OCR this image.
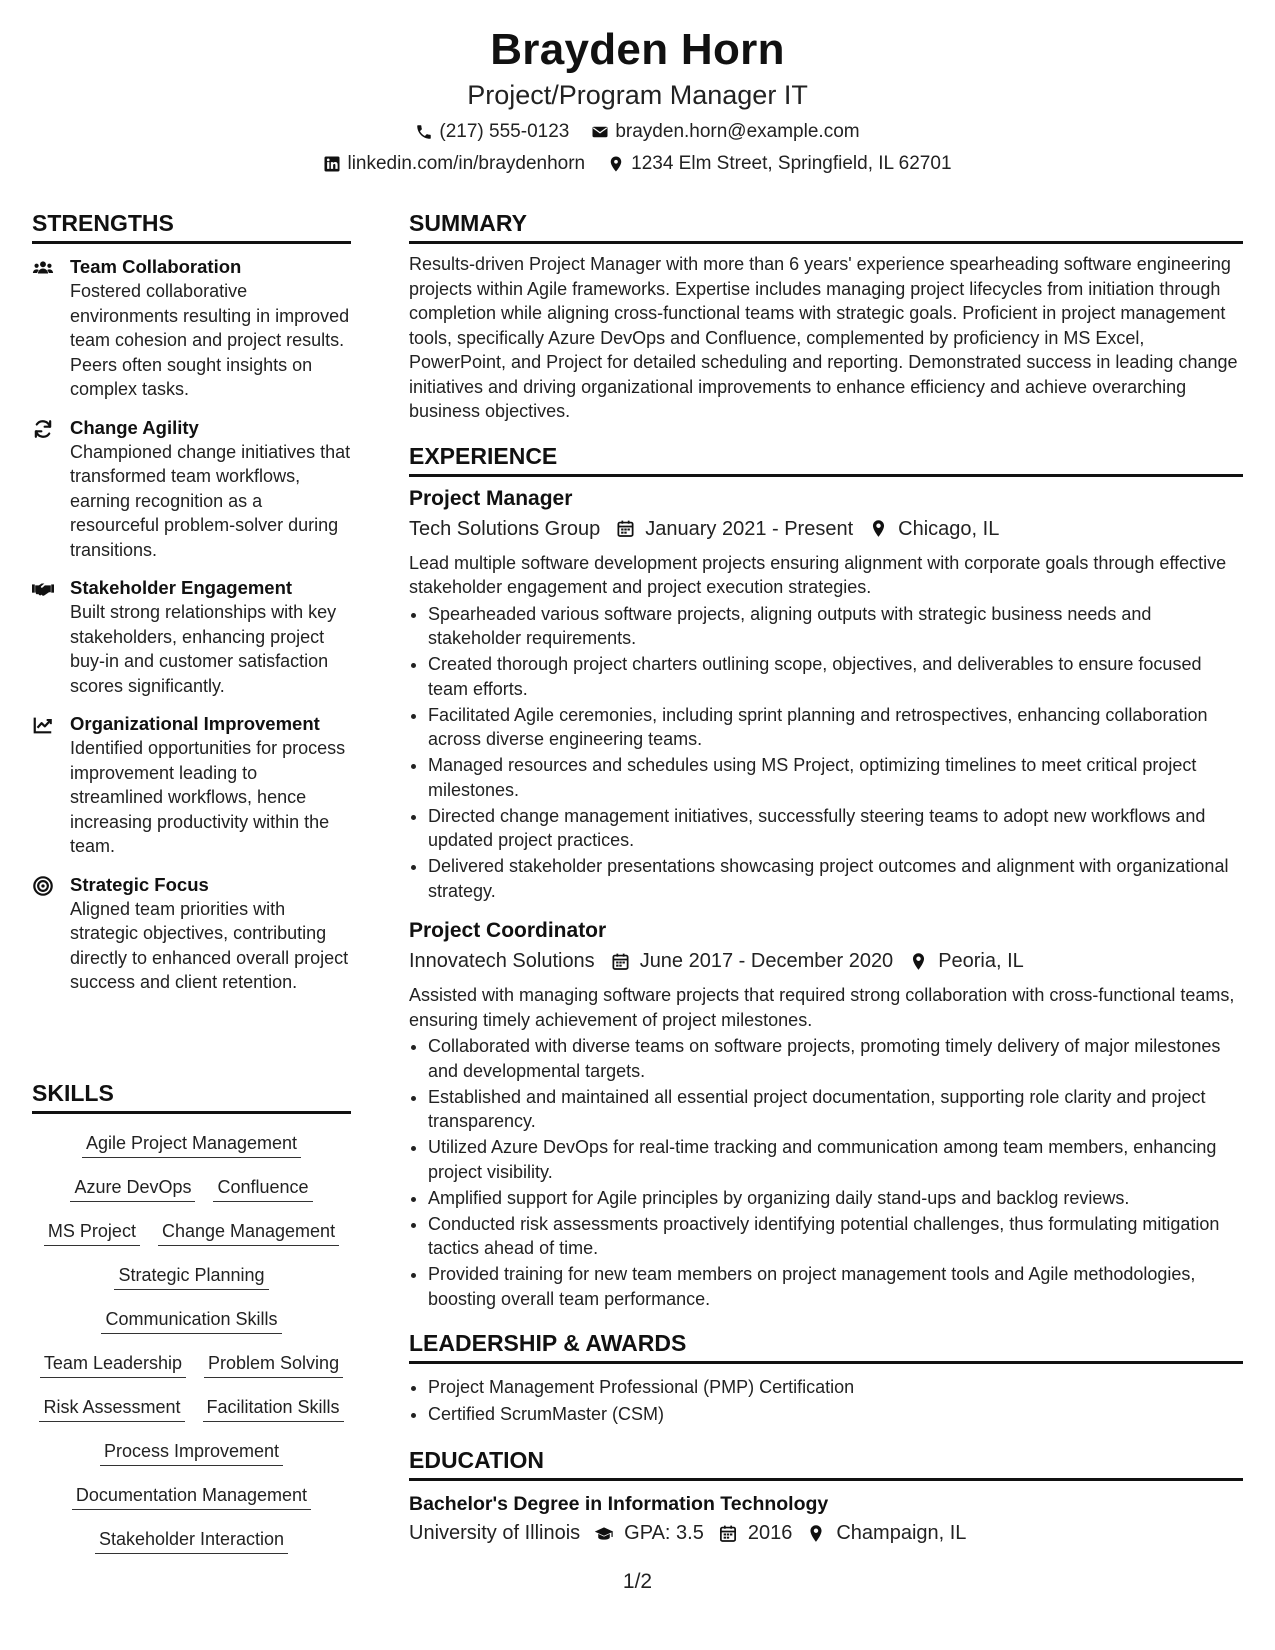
Brayden Horn
Project/Program Manager IT
(217) 555-0123 brayden.horn@example.com
linkedin.com/in/braydenhorn 1234 Elm Street, Springfield, IL 62701
STRENGTHS
Team Collaboration
Fostered collaborative environments resulting in improved team cohesion and project results. Peers often sought insights on complex tasks.
Change Agility
Championed change initiatives that transformed team workflows, earning recognition as a resourceful problem-solver during transitions.
Stakeholder Engagement
Built strong relationships with key stakeholders, enhancing project buy-in and customer satisfaction scores significantly.
Organizational Improvement
Identified opportunities for process improvement leading to streamlined workflows, hence increasing productivity within the team.
Strategic Focus
Aligned team priorities with strategic objectives, contributing directly to enhanced overall project success and client retention.
SKILLS
Agile Project Management
Azure DevOps Confluence
MS Project Change Management
Strategic Planning
Communication Skills
Team Leadership Problem Solving
Risk Assessment Facilitation Skills
Process Improvement
Documentation Management
Stakeholder Interaction
SUMMARY
Results-driven Project Manager with more than 6 years' experience spearheading software engineering projects within Agile frameworks. Expertise includes managing project lifecycles from initiation through completion while aligning cross-functional teams with strategic goals. Proficient in project management tools, specifically Azure DevOps and Confluence, complemented by proficiency in MS Excel, PowerPoint, and Project for detailed scheduling and reporting. Demonstrated success in leading change initiatives and driving organizational improvements to enhance efficiency and achieve overarching business objectives.
EXPERIENCE
Project Manager
Tech Solutions Group January 2021 - Present Chicago, IL
Lead multiple software development projects ensuring alignment with corporate goals through effective stakeholder engagement and project execution strategies.
• Spearheaded various software projects, aligning outputs with strategic business needs and stakeholder requirements.
• Created thorough project charters outlining scope, objectives, and deliverables to ensure focused team efforts.
• Facilitated Agile ceremonies, including sprint planning and retrospectives, enhancing collaboration across diverse engineering teams.
• Managed resources and schedules using MS Project, optimizing timelines to meet critical project milestones.
• Directed change management initiatives, successfully steering teams to adopt new workflows and updated project practices.
• Delivered stakeholder presentations showcasing project outcomes and alignment with organizational strategy.
Project Coordinator
Innovatech Solutions June 2017 - December 2020 Peoria, IL
Assisted with managing software projects that required strong collaboration with cross-functional teams, ensuring timely achievement of project milestones.
• Collaborated with diverse teams on software projects, promoting timely delivery of major milestones and developmental targets.
• Established and maintained all essential project documentation, supporting role clarity and project transparency.
• Utilized Azure DevOps for real-time tracking and communication among team members, enhancing project visibility.
• Amplified support for Agile principles by organizing daily stand-ups and backlog reviews.
• Conducted risk assessments proactively identifying potential challenges, thus formulating mitigation tactics ahead of time.
• Provided training for new team members on project management tools and Agile methodologies, boosting overall team performance.
LEADERSHIP & AWARDS
• Project Management Professional (PMP) Certification
• Certified ScrumMaster (CSM)
EDUCATION
Bachelor's Degree in Information Technology
University of Illinois GPA: 3.5 2016 Champaign, IL
1/2
